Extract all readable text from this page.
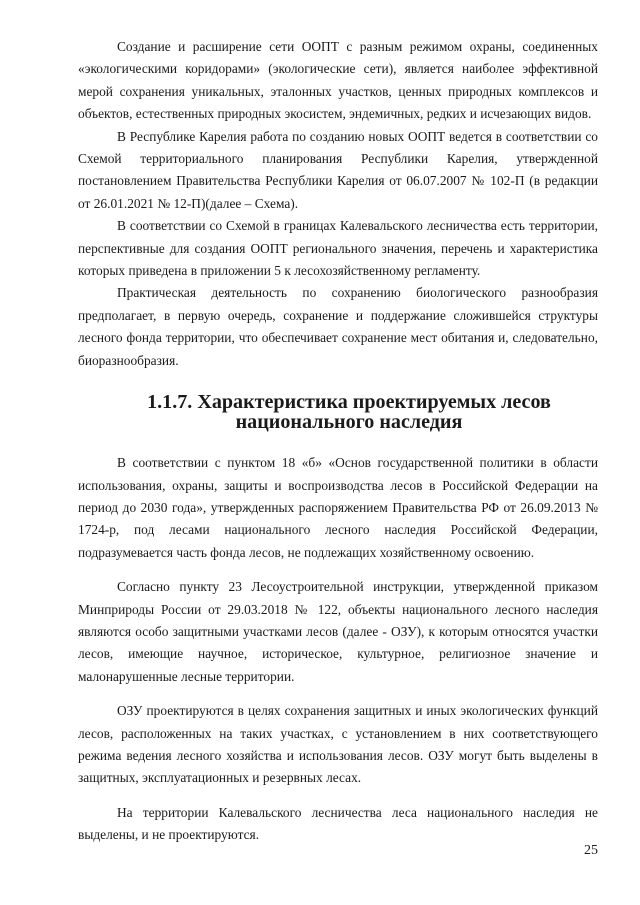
Создание и расширение сети ООПТ с разным режимом охраны, соединенных «экологическими коридорами» (экологические сети), является наиболее эффективной мерой сохранения уникальных, эталонных участков, ценных природных комплексов и объектов, естественных природных экосистем, эндемичных, редких и исчезающих видов.

В Республике Карелия работа по созданию новых ООПТ ведется в соответствии со Схемой территориального планирования Республики Карелия, утвержденной постановлением Правительства Республики Карелия от 06.07.2007 № 102-П (в редакции от 26.01.2021 № 12-П)(далее – Схема).

В соответствии со Схемой в границах Калевальского лесничества есть территории, перспективные для создания ООПТ регионального значения, перечень и характеристика которых приведена в приложении 5 к лесохозяйственному регламенту.

Практическая деятельность по сохранению биологического разнообразия предполагает, в первую очередь, сохранение и поддержание сложившейся структуры лесного фонда территории, что обеспечивает сохранение мест обитания и, следовательно, биоразнообразия.

1.1.7. Характеристика проектируемых лесов национального наследия

В соответствии с пунктом 18 «б» «Основ государственной политики в области использования, охраны, защиты и воспроизводства лесов в Российской Федерации на период до 2030 года», утвержденных распоряжением Правительства РФ от 26.09.2013 № 1724-р, под лесами национального лесного наследия Российской Федерации, подразумевается часть фонда лесов, не подлежащих хозяйственному освоению.

Согласно пункту 23 Лесоустроительной инструкции, утвержденной приказом Минприроды России от 29.03.2018 № 122, объекты национального лесного наследия являются особо защитными участками лесов (далее - ОЗУ), к которым относятся участки лесов, имеющие научное, историческое, культурное, религиозное значение и малонарушенные лесные территории.

ОЗУ проектируются в целях сохранения защитных и иных экологических функций лесов, расположенных на таких участках, с установлением в них соответствующего режима ведения лесного хозяйства и использования лесов. ОЗУ могут быть выделены в защитных, эксплуатационных и резервных лесах.

На территории Калевальского лесничества леса национального наследия не выделены, и не проектируются.

25
